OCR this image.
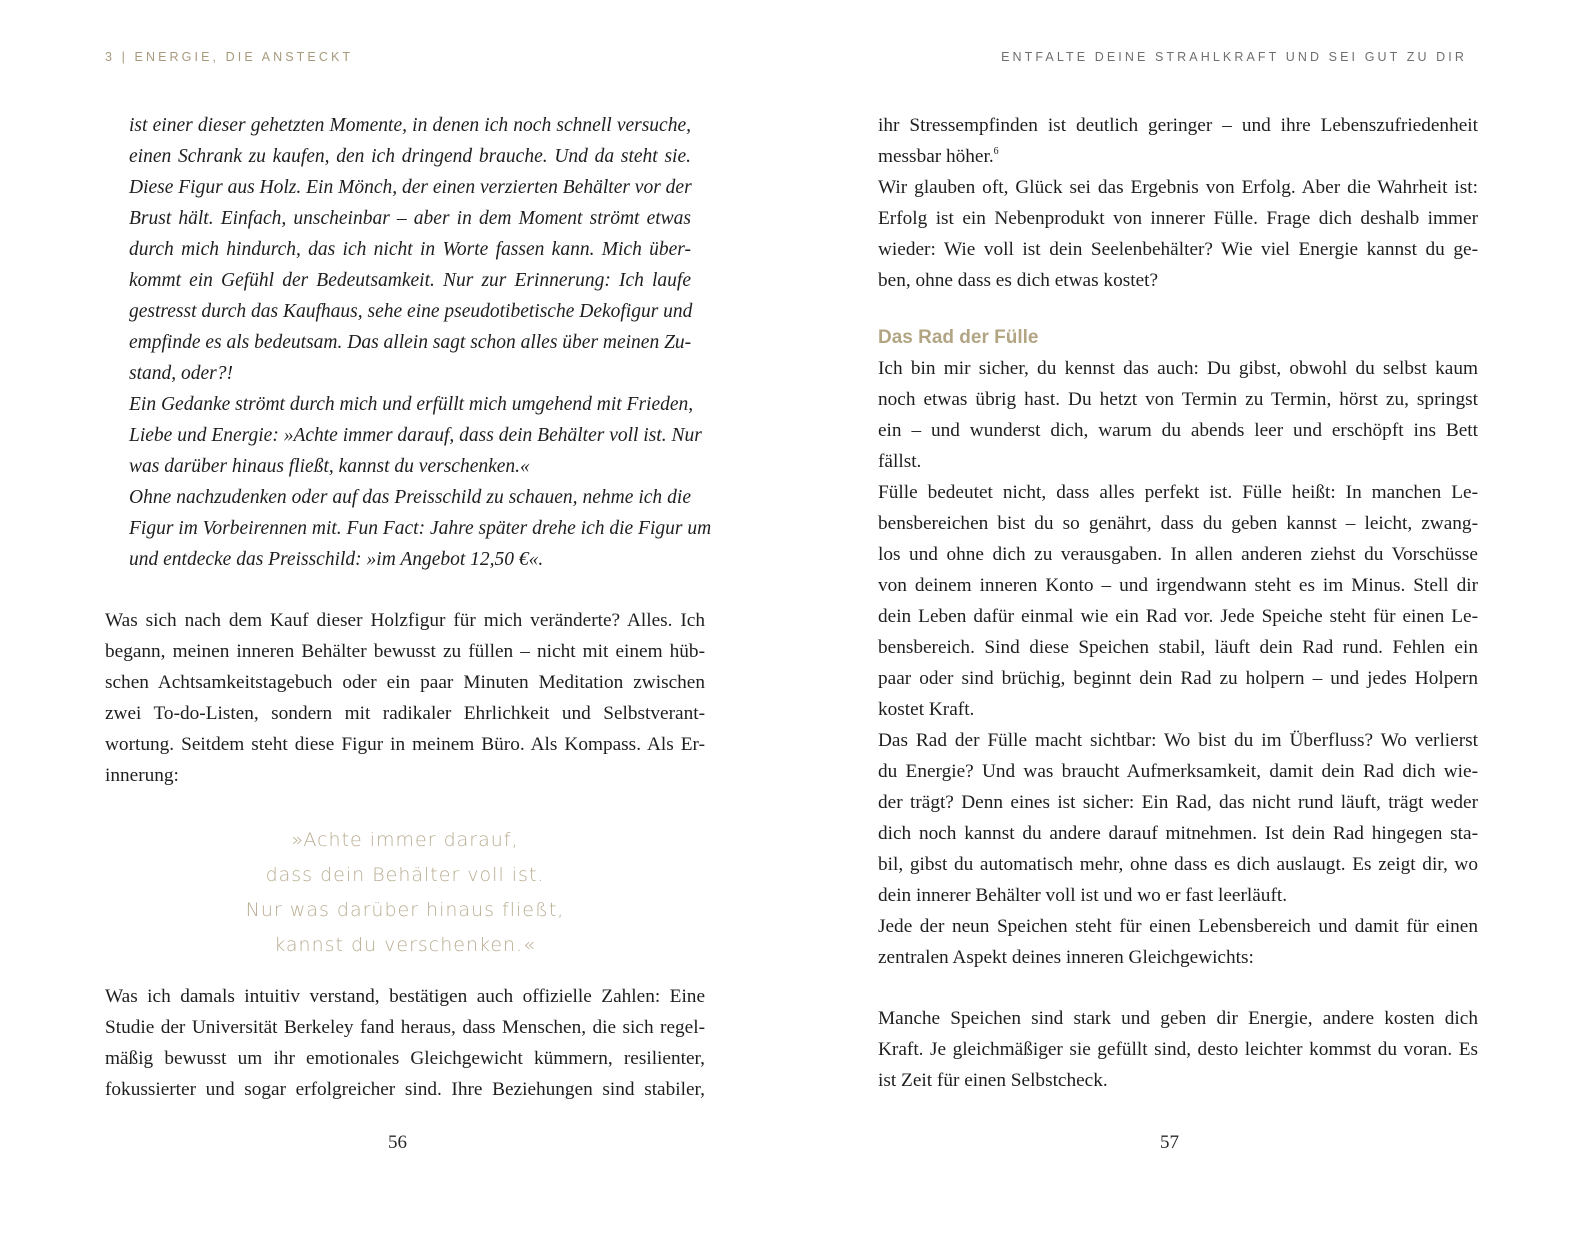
3 | ENERGIE, DIE ANSTECKT	ENTFALTE DEINE STRAHLKRAFT UND SEI GUT ZU DIR
ist einer dieser gehetzten Momente, in denen ich noch schnell versuche,
einen Schrank zu kaufen, den ich dringend brauche. Und da steht sie.
Diese Figur aus Holz. Ein Mönch, der einen verzierten Behälter vor der
Brust hält. Einfach, unscheinbar – aber in dem Moment strömt etwas
durch mich hindurch, das ich nicht in Worte fassen kann. Mich über-
kommt ein Gefühl der Bedeutsamkeit. Nur zur Erinnerung: Ich laufe
gestresst durch das Kaufhaus, sehe eine pseudotibetische Dekofigur und
empfinde es als bedeutsam. Das allein sagt schon alles über meinen Zu-
stand, oder?!
Ein Gedanke strömt durch mich und erfüllt mich umgehend mit Frieden,
Liebe und Energie: »Achte immer darauf, dass dein Behälter voll ist. Nur
was darüber hinaus fließt, kannst du verschenken.«
Ohne nachzudenken oder auf das Preisschild zu schauen, nehme ich die
Figur im Vorbeirennen mit. Fun Fact: Jahre später drehe ich die Figur um
und entdecke das Preisschild: »im Angebot 12,50 €«.
Was sich nach dem Kauf dieser Holzfigur für mich veränderte? Alles. Ich
begann, meinen inneren Behälter bewusst zu füllen – nicht mit einem hüb-
schen Achtsamkeitstagebuch oder ein paar Minuten Meditation zwischen
zwei To-do-Listen, sondern mit radikaler Ehrlichkeit und Selbstverant-
wortung. Seitdem steht diese Figur in meinem Büro. Als Kompass. Als Er-
innerung:
»Achte immer darauf,
dass dein Behälter voll ist.
Nur was darüber hinaus fließt,
kannst du verschenken.«
Was ich damals intuitiv verstand, bestätigen auch offizielle Zahlen: Eine
Studie der Universität Berkeley fand heraus, dass Menschen, die sich regel-
mäßig bewusst um ihr emotionales Gleichgewicht kümmern, resilienter,
fokussierter und sogar erfolgreicher sind. Ihre Beziehungen sind stabiler,
ihr Stressempfinden ist deutlich geringer – und ihre Lebenszufriedenheit
messbar höher.$^6$
Wir glauben oft, Glück sei das Ergebnis von Erfolg. Aber die Wahrheit ist:
Erfolg ist ein Nebenprodukt von innerer Fülle. Frage dich deshalb immer
wieder: Wie voll ist dein Seelenbehälter? Wie viel Energie kannst du ge-
ben, ohne dass es dich etwas kostet?
Das Rad der Fülle
Ich bin mir sicher, du kennst das auch: Du gibst, obwohl du selbst kaum
noch etwas übrig hast. Du hetzt von Termin zu Termin, hörst zu, springst
ein – und wunderst dich, warum du abends leer und erschöpft ins Bett
fällst.
Fülle bedeutet nicht, dass alles perfekt ist. Fülle heißt: In manchen Le-
bensbereichen bist du so genährt, dass du geben kannst – leicht, zwang-
los und ohne dich zu verausgaben. In allen anderen ziehst du Vorschüsse
von deinem inneren Konto – und irgendwann steht es im Minus. Stell dir
dein Leben dafür einmal wie ein Rad vor. Jede Speiche steht für einen Le-
bensbereich. Sind diese Speichen stabil, läuft dein Rad rund. Fehlen ein
paar oder sind brüchig, beginnt dein Rad zu holpern – und jedes Holpern
kostet Kraft.
Das Rad der Fülle macht sichtbar: Wo bist du im Überfluss? Wo verlierst
du Energie? Und was braucht Aufmerksamkeit, damit dein Rad dich wie-
der trägt? Denn eines ist sicher: Ein Rad, das nicht rund läuft, trägt weder
dich noch kannst du andere darauf mitnehmen. Ist dein Rad hingegen sta-
bil, gibst du automatisch mehr, ohne dass es dich auslaugt. Es zeigt dir, wo
dein innerer Behälter voll ist und wo er fast leerläuft.
Jede der neun Speichen steht für einen Lebensbereich und damit für einen
zentralen Aspekt deines inneren Gleichgewichts:
Manche Speichen sind stark und geben dir Energie, andere kosten dich
Kraft. Je gleichmäßiger sie gefüllt sind, desto leichter kommst du voran. Es
ist Zeit für einen Selbstcheck.
56	57
